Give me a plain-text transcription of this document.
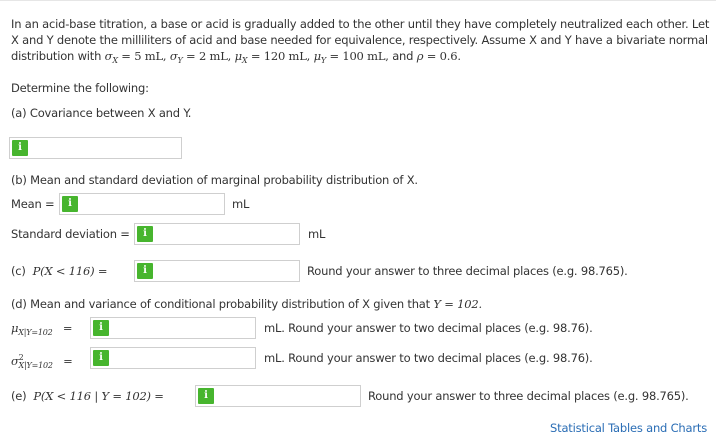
In an acid-base titration, a base or acid is gradually added to the other until they have completely neutralized each other. Let X and Y denote the milliliters of acid and base needed for equivalence, respectively. Assume X and Y have a bivariate normal distribution with $\sigma_X = 5$ mL, $\sigma_Y = 2$ mL, $\mu_X = 120$ mL, $\mu_Y = 100$ mL, and ρ = 0.6.
Determine the following:
(a) Covariance between X and Y.
i
(b) Mean and standard deviation of marginal probability distribution of X.
Mean =	i	mL
Standard deviation =	i	mL
(c) P(X < 116) =	i	Round your answer to three decimal places (e.g. 98.765).
(d) Mean and variance of conditional probability distribution of X given that Y = 102.
$\mu_{X|Y=102}$ =	i	mL. Round your answer to two decimal places (e.g. 98.76).
$\sigma^2_{X|Y=102}$ =	i	mL. Round your answer to two decimal places (e.g. 98.76).
(e) P(X < 116 | Y = 102) =	i	Round your answer to three decimal places (e.g. 98.765).
Statistical Tables and Charts
